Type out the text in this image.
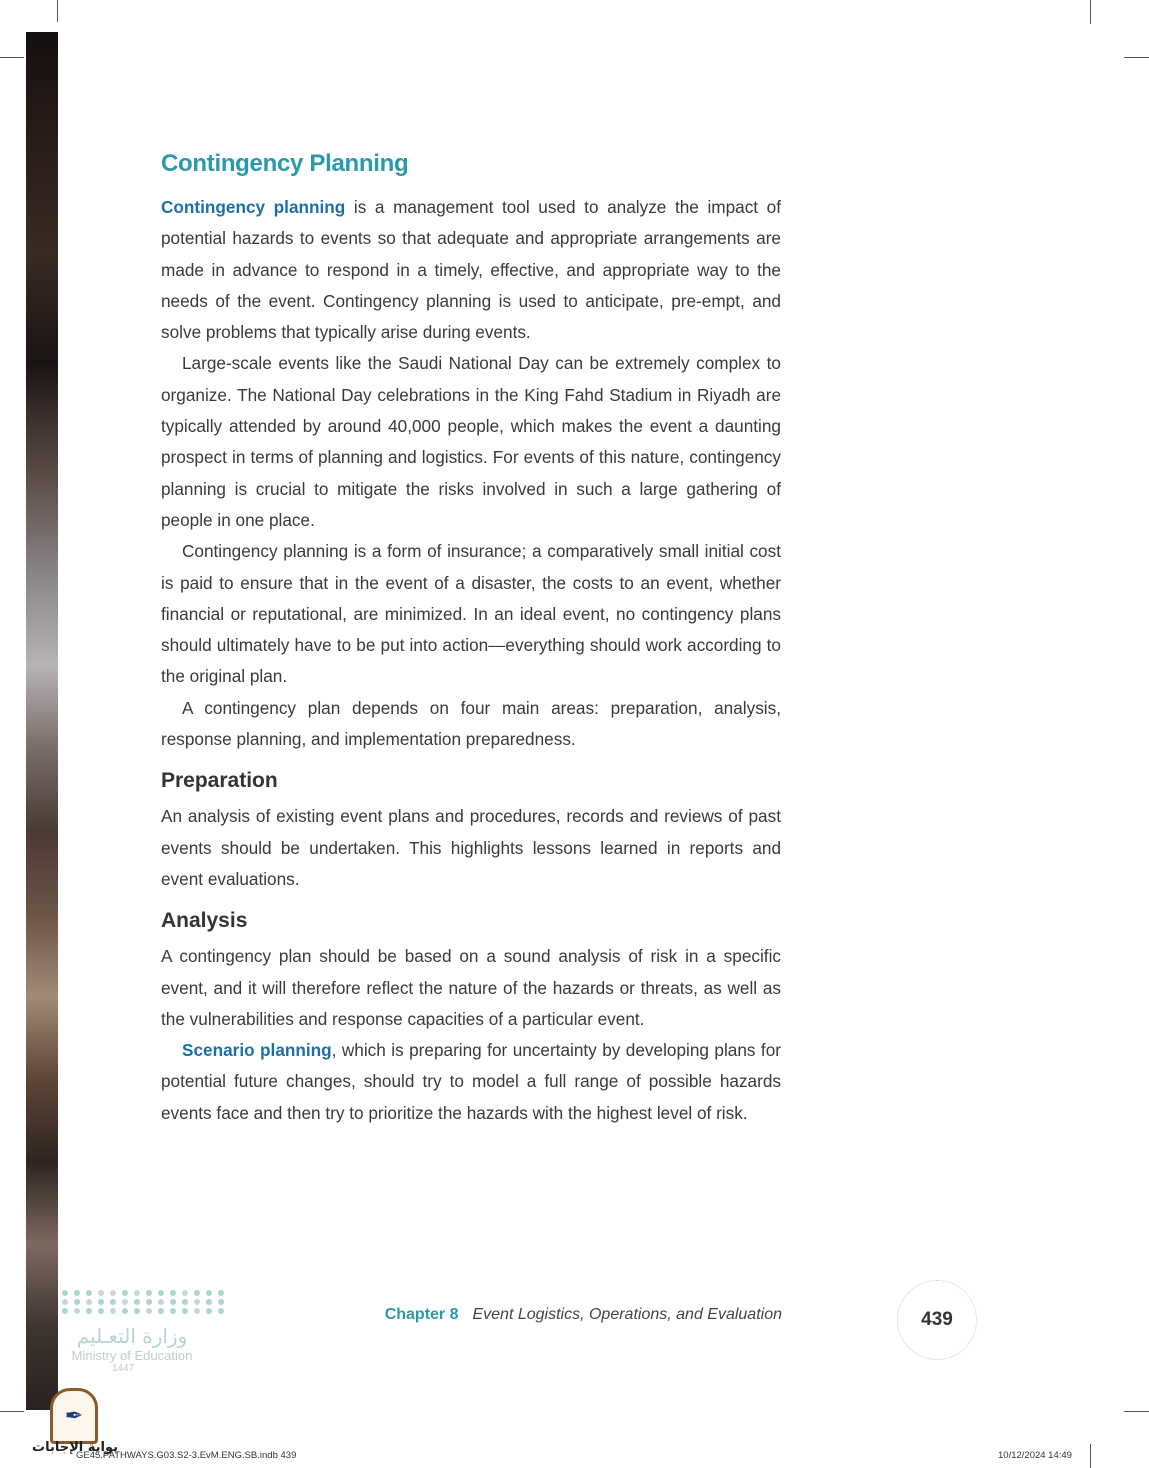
Contingency Planning

Contingency planning is a management tool used to analyze the impact of potential hazards to events so that adequate and appropriate arrangements are made in advance to respond in a timely, effective, and appropriate way to the needs of the event. Contingency planning is used to anticipate, pre-empt, and solve problems that typically arise during events.

Large-scale events like the Saudi National Day can be extremely complex to organize. The National Day celebrations in the King Fahd Stadium in Riyadh are typically attended by around 40,000 people, which makes the event a daunting prospect in terms of planning and logistics. For events of this nature, contingency planning is crucial to mitigate the risks involved in such a large gathering of people in one place.

Contingency planning is a form of insurance; a comparatively small initial cost is paid to ensure that in the event of a disaster, the costs to an event, whether financial or reputational, are minimized. In an ideal event, no contingency plans should ultimately have to be put into action—everything should work according to the original plan.

A contingency plan depends on four main areas: preparation, analysis, response planning, and implementation preparedness.

Preparation

An analysis of existing event plans and procedures, records and reviews of past events should be undertaken. This highlights lessons learned in reports and event evaluations.

Analysis

A contingency plan should be based on a sound analysis of risk in a specific event, and it will therefore reflect the nature of the hazards or threats, as well as the vulnerabilities and response capacities of a particular event.

Scenario planning, which is preparing for uncertainty by developing plans for potential future changes, should try to model a full range of possible hazards events face and then try to prioritize the hazards with the highest level of risk.

Chapter 8 Event Logistics, Operations, and Evaluation	439
وزارة التعـليم
Ministry of Education
1447
✒
بوابة الإجابات
GE45.PATHWAYS.G03.S2-3.EvM.ENG.SB.indb 439	10/12/2024 14:49
